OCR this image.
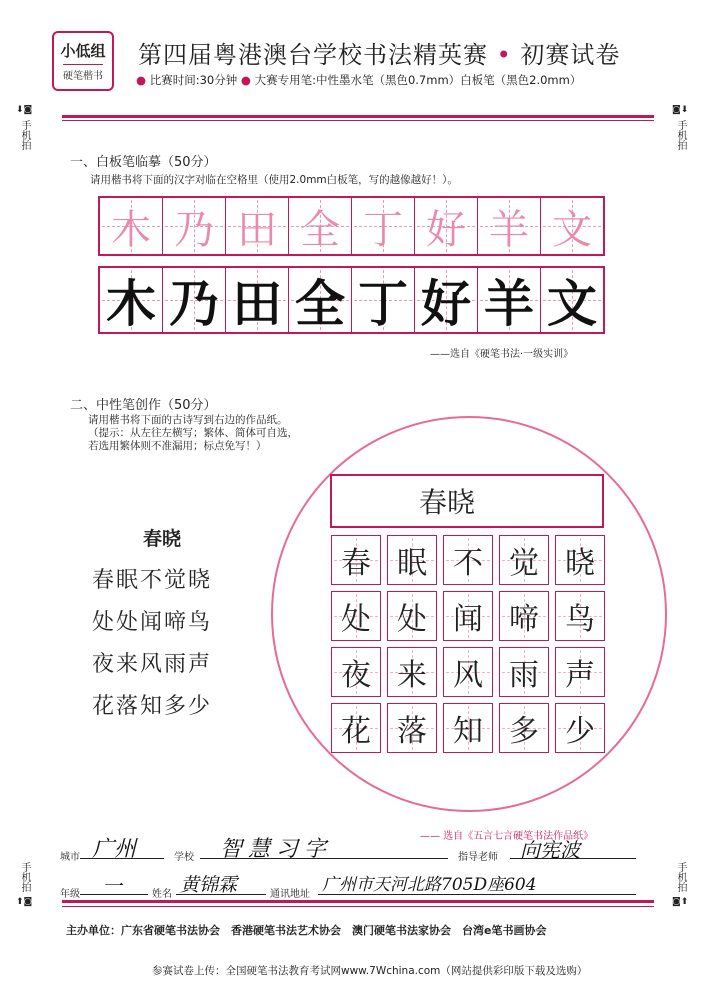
小低组
硬笔楷书
第四届粤港澳台学校书法精英赛 • 初赛试卷
● 比赛时间:30分钟 ● 大赛专用笔:中性墨水笔（黑色0.7mm）白板笔（黑色2.0mm）
⬇◙
手机拍
◙⬇
手机拍
手机拍
⬆◙
手机拍
◙⬆
一、白板笔临摹（50分）
请用楷书将下面的汉字对临在空格里（使用2.0mm白板笔，写的越像越好！）。
木 乃 田 全 丁 好 羊 文
木 乃 田 全 丁 好 羊 文
——选自《硬笔书法·一级实训》
二、中性笔创作（50分）
请用楷书将下面的古诗写到右边的作品纸。
（提示：从左往左横写；繁体、简体可自选，
若选用繁体则不准漏用；标点免写！）
春晓
春眠不觉晓
处处闻啼鸟
夜来风雨声
花落知多少
春晓
春 眠 不 觉 晓
处 处 闻 啼 鸟
夜 来 风 雨 声
花 落 知 多 少
—— 选自《五言七言硬笔书法作品纸》
城市 广州	学校	智慧习字	指导老师	向宪波
年级	一	姓名 黄锦霖	通讯地址 广州市天河北路705D座604
主办单位：广东省硬笔书法协会　香港硬笔书法艺术协会　澳门硬笔书法家协会　台湾e笔书画协会
参赛试卷上传：全国硬笔书法教育考试网www.7Wchina.com（网站提供彩印版下载及选购）
